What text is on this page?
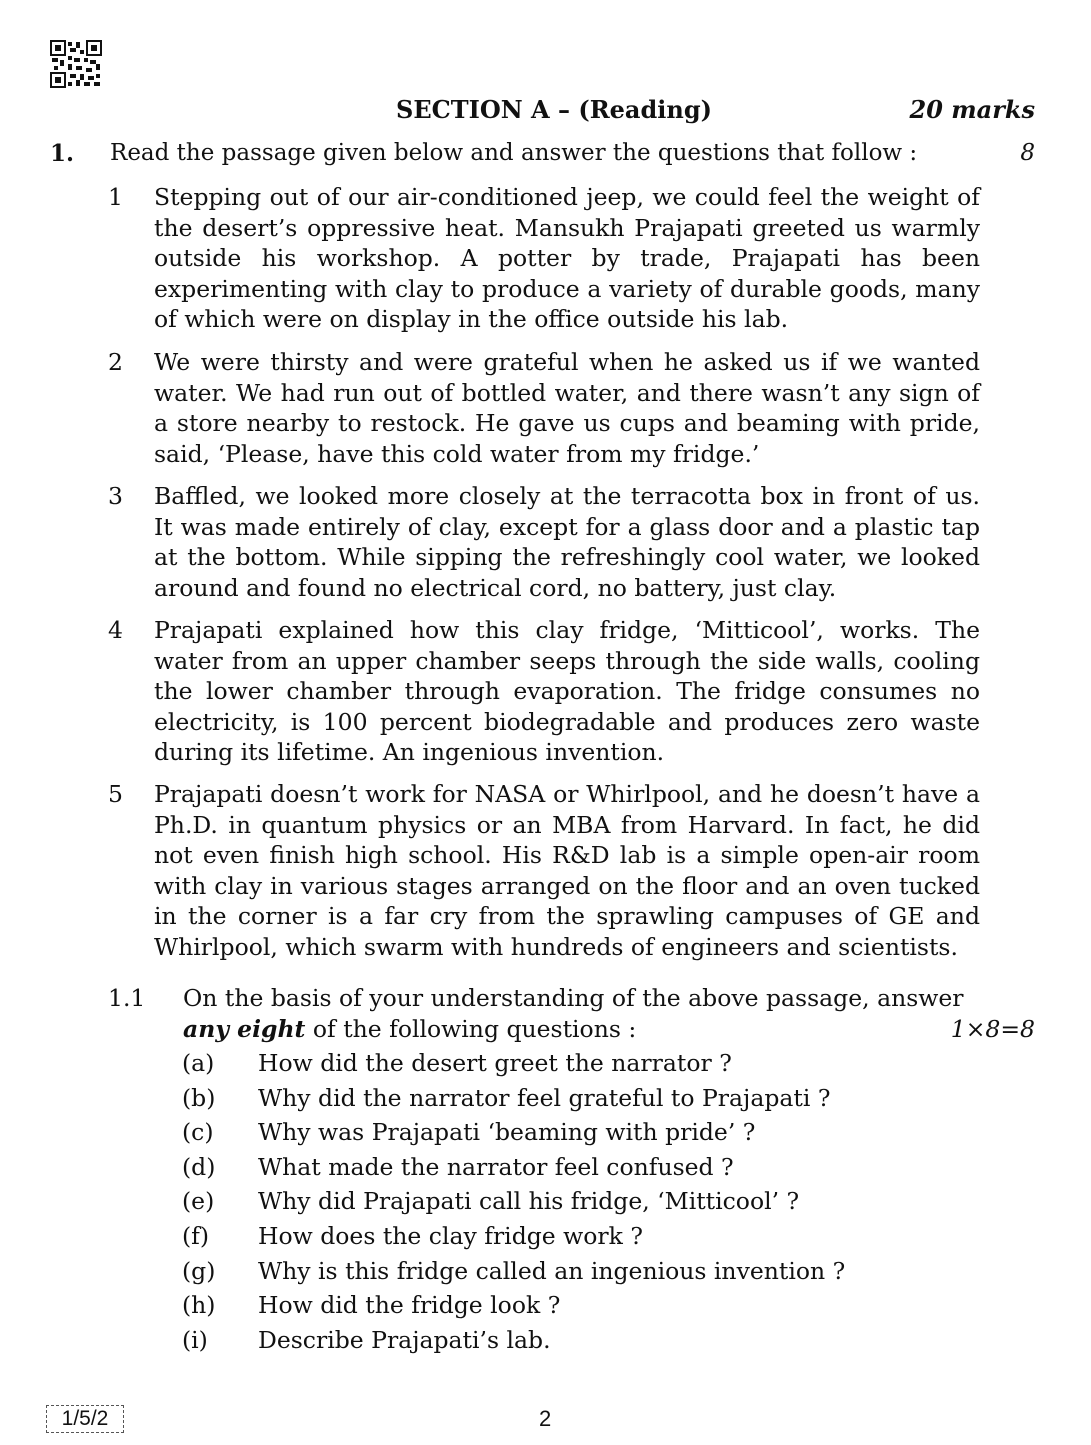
SECTION A – (Reading)	20 marks
1. Read the passage given below and answer the questions that follow :	8
1	Stepping out of our air-conditioned jeep, we could feel the weight of the desert’s oppressive heat. Mansukh Prajapati greeted us warmly outside his workshop. A potter by trade, Prajapati has been experimenting with clay to produce a variety of durable goods, many of which were on display in the office outside his lab.
2	We were thirsty and were grateful when he asked us if we wanted water. We had run out of bottled water, and there wasn’t any sign of a store nearby to restock. He gave us cups and beaming with pride, said, ‘Please, have this cold water from my fridge.’
3	Baffled, we looked more closely at the terracotta box in front of us. It was made entirely of clay, except for a glass door and a plastic tap at the bottom. While sipping the refreshingly cool water, we looked around and found no electrical cord, no battery, just clay.
4	Prajapati explained how this clay fridge, ‘Mitticool’, works. The water from an upper chamber seeps through the side walls, cooling the lower chamber through evaporation. The fridge consumes no electricity, is 100 percent biodegradable and produces zero waste during its lifetime. An ingenious invention.
5	Prajapati doesn’t work for NASA or Whirlpool, and he doesn’t have a Ph.D. in quantum physics or an MBA from Harvard. In fact, he did not even finish high school. His R&D lab is a simple open-air room with clay in various stages arranged on the floor and an oven tucked in the corner is a far cry from the sprawling campuses of GE and Whirlpool, which swarm with hundreds of engineers and scientists.
1.1 On the basis of your understanding of the above passage, answer
any eight of the following questions :	1×8=8
(a) How did the desert greet the narrator ?
(b) Why did the narrator feel grateful to Prajapati ?
(c) Why was Prajapati ‘beaming with pride’ ?
(d) What made the narrator feel confused ?
(e) Why did Prajapati call his fridge, ‘Mitticool’ ?
(f) How does the clay fridge work ?
(g) Why is this fridge called an ingenious invention ?
(h) How did the fridge look ?
(i) Describe Prajapati’s lab.
1/5/2	2
